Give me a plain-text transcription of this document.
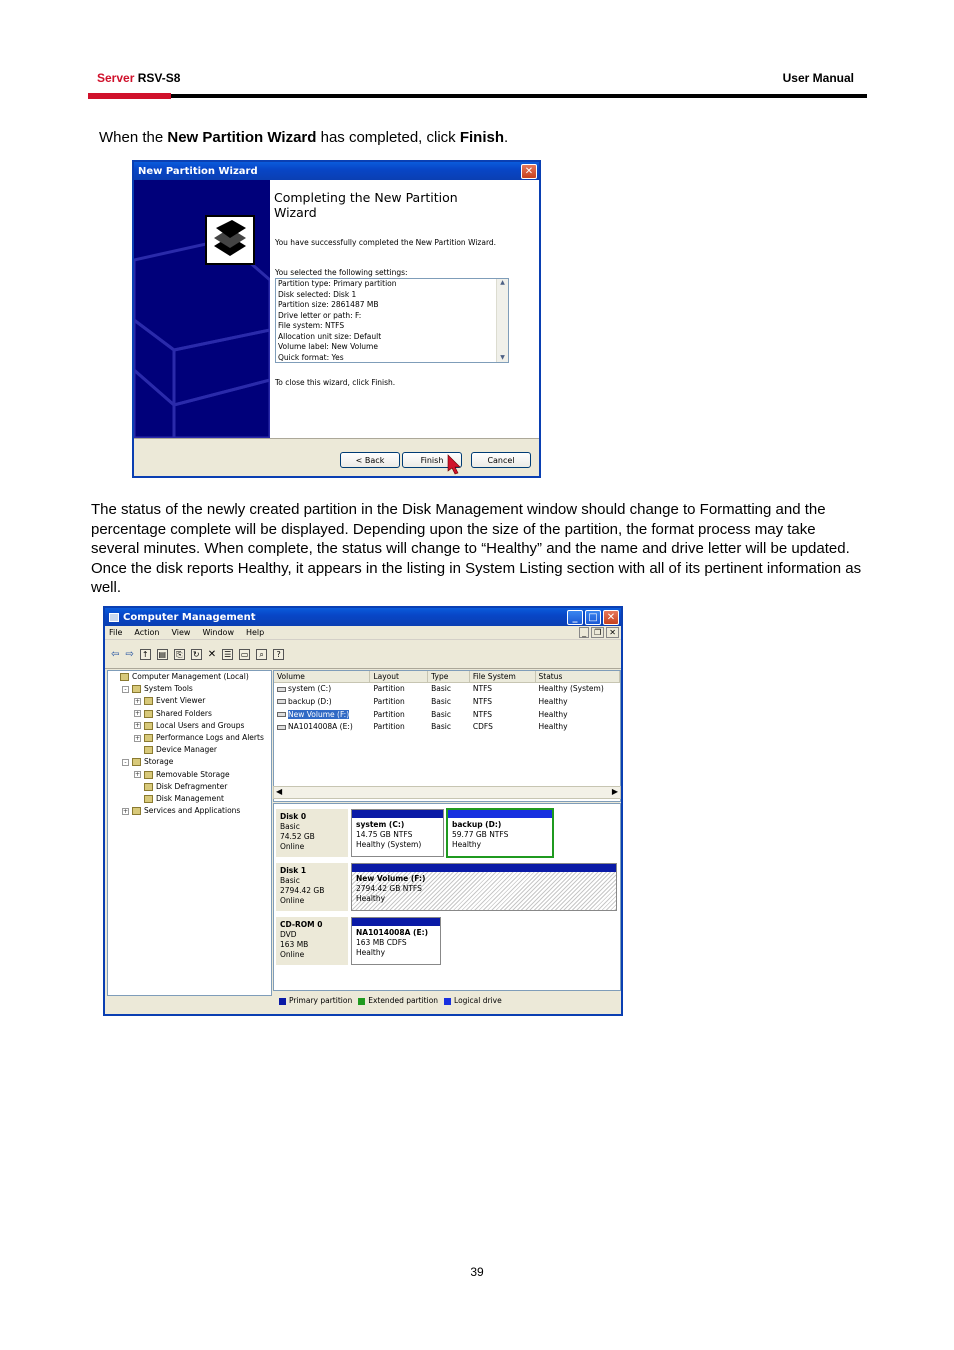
Server RSV-S8	User Manual
When the New Partition Wizard has completed, click Finish.
New Partition Wizard	✕
Completing the New Partition Wizard
You have successfully completed the New Partition Wizard.
You selected the following settings:
Partition type: Primary partition
Disk selected: Disk 1
Partition size: 2861487 MB
Drive letter or path: F:
File system: NTFS
Allocation unit size: Default
Volume label: New Volume
Quick format: Yes
▲
▼
To close this wizard, click Finish.
< Back	Finish	Cancel
The status of the newly created partition in the Disk Management window should change to Formatting and the percentage complete will be displayed. Depending upon the size of the partition, the format process may take several minutes. When complete, the status will change to “Healthy” and the name and drive letter will be updated. Once the disk reports Healthy, it appears in the listing in System Listing section with all of its pertinent information as well.
Computer Management	_	□ ✕
File Action View Window Help	_	❐	✕
⇦ ⇨ ↑ ▤ ⎘ ↻ ✕ ☰ ▭	⌕	?
Computer Management (Local)
-	System Tools
+ Event Viewer
+ Shared Folders
+ Local Users and Groups
+ Performance Logs and Alerts
Device Manager
-	Storage
+ Removable Storage
Disk Defragmenter
Disk Management
+ Services and Applications
Volume	Layout	Type	File System	Status
system (C:)	Partition	Basic	NTFS	Healthy (System)
backup (D:)	Partition	Basic	NTFS	Healthy
New Volume (F:)	Partition	Basic	NTFS	Healthy
NA1014008A (E:)	Partition	Basic	CDFS	Healthy
◀	▶
Disk 0
Basic
74.52 GB
Online
system (C:)
14.75 GB NTFS
Healthy (System)
backup (D:)
59.77 GB NTFS
Healthy
Disk 1
Basic
2794.42 GB
Online
New Volume (F:)
2794.42 GB NTFS
Healthy
CD-ROM 0
DVD
163 MB
Online
NA1014008A (E:)
163 MB CDFS
Healthy
Primary partition	Extended partition	Logical drive
39
